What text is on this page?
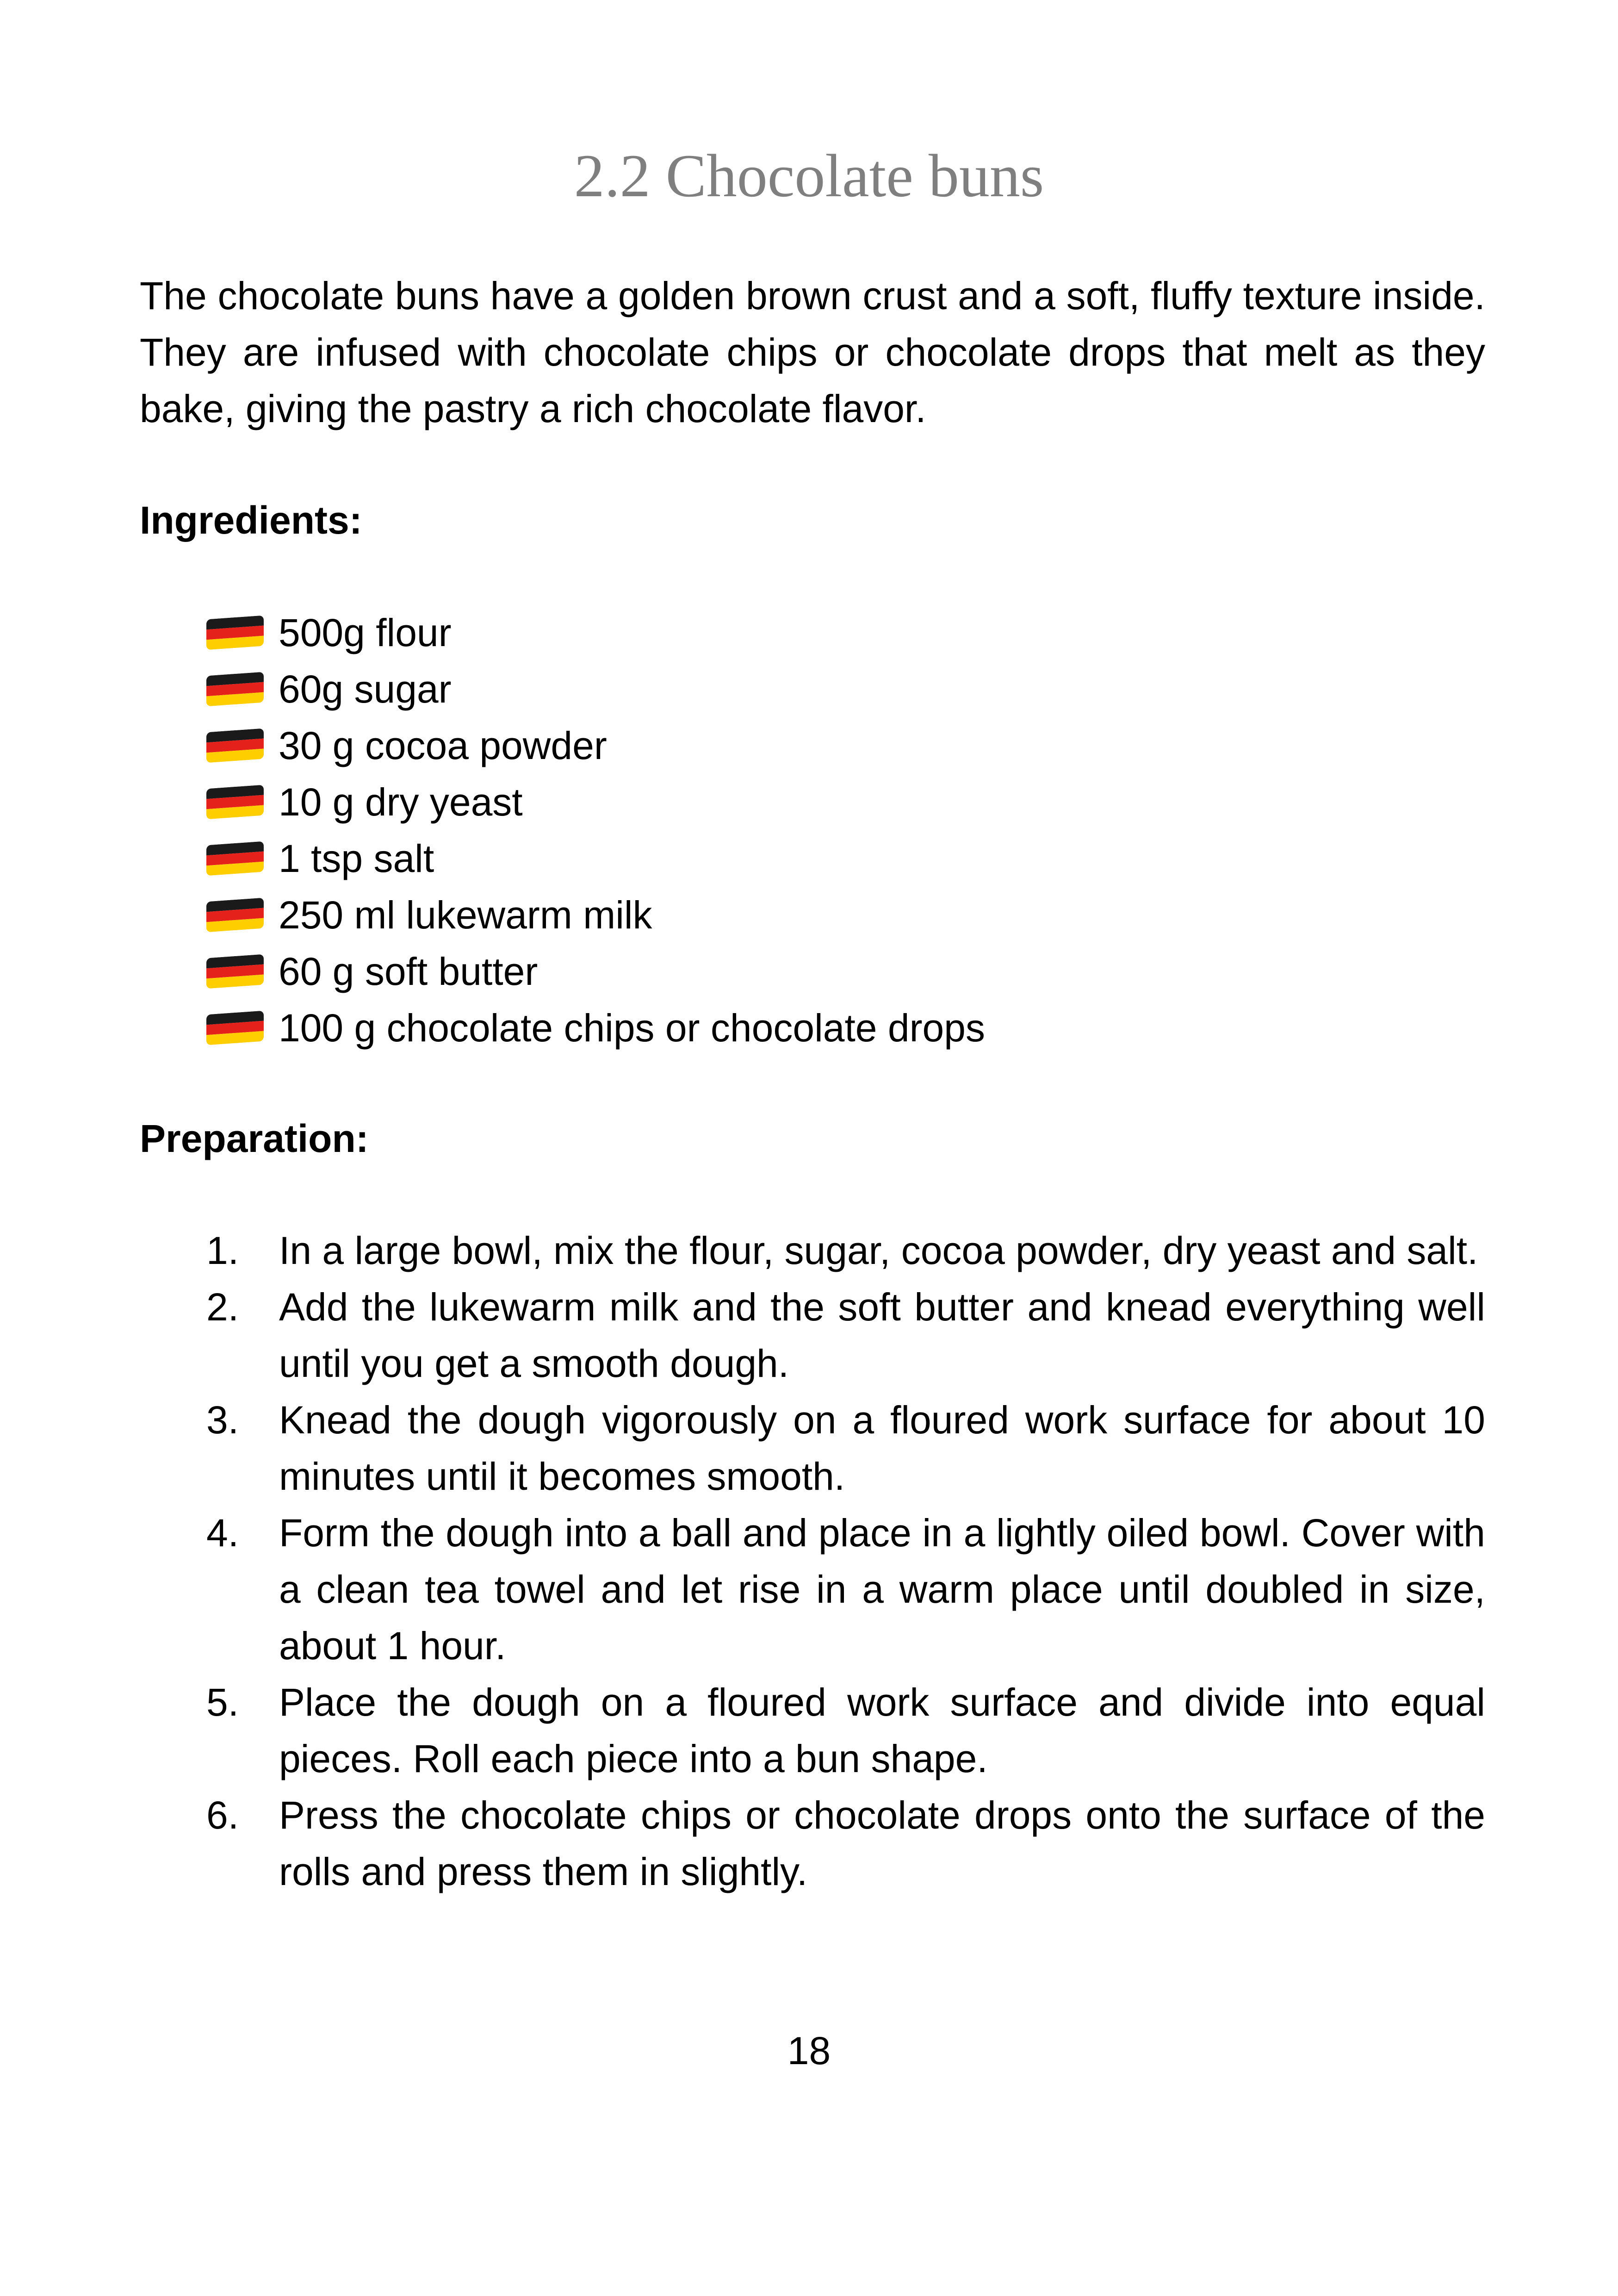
2.2 Chocolate buns

The chocolate buns have a golden brown crust and a soft, fluffy texture inside. They are infused with chocolate chips or chocolate drops that melt as they bake, giving the pastry a rich chocolate flavor.

Ingredients:

500g flour
60g sugar
30 g cocoa powder
10 g dry yeast
1 tsp salt
250 ml lukewarm milk
60 g soft butter
100 g chocolate chips or chocolate drops

Preparation:

1. In a large bowl, mix the flour, sugar, cocoa powder, dry yeast and salt.
2. Add the lukewarm milk and the soft butter and knead everything well until you get a smooth dough.
3. Knead the dough vigorously on a floured work surface for about 10 minutes until it becomes smooth.
4. Form the dough into a ball and place in a lightly oiled bowl. Cover with a clean tea towel and let rise in a warm place until doubled in size, about 1 hour.
5. Place the dough on a floured work surface and divide into equal pieces. Roll each piece into a bun shape.
6. Press the chocolate chips or chocolate drops onto the surface of the rolls and press them in slightly.

18
